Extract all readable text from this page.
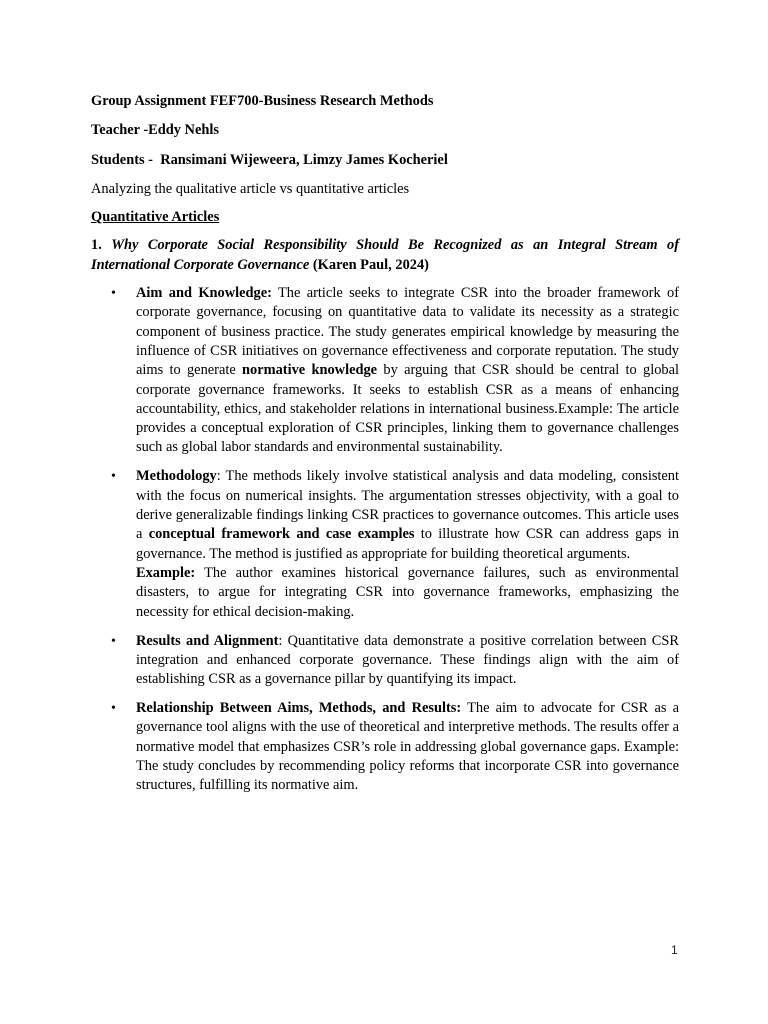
Group Assignment FEF700-Business Research Methods

Teacher -Eddy Nehls

Students -  Ransimani Wijeweera, Limzy James Kocheriel

Analyzing the qualitative article vs quantitative articles

Quantitative Articles

1. Why Corporate Social Responsibility Should Be Recognized as an Integral Stream of International Corporate Governance (Karen Paul, 2024)

• Aim and Knowledge: The article seeks to integrate CSR into the broader framework of corporate governance, focusing on quantitative data to validate its necessity as a strategic component of business practice. The study generates empirical knowledge by measuring the influence of CSR initiatives on governance effectiveness and corporate reputation. The study aims to generate normative knowledge by arguing that CSR should be central to global corporate governance frameworks. It seeks to establish CSR as a means of enhancing accountability, ethics, and stakeholder relations in international business.Example: The article provides a conceptual exploration of CSR principles, linking them to governance challenges such as global labor standards and environmental sustainability.
• Methodology: The methods likely involve statistical analysis and data modeling, consistent with the focus on numerical insights. The argumentation stresses objectivity, with a goal to derive generalizable findings linking CSR practices to governance outcomes. This article uses a conceptual framework and case examples to illustrate how CSR can address gaps in governance. The method is justified as appropriate for building theoretical arguments.
Example: The author examines historical governance failures, such as environmental disasters, to argue for integrating CSR into governance frameworks, emphasizing the necessity for ethical decision-making.
• Results and Alignment: Quantitative data demonstrate a positive correlation between CSR integration and enhanced corporate governance. These findings align with the aim of establishing CSR as a governance pillar by quantifying its impact.
• Relationship Between Aims, Methods, and Results: The aim to advocate for CSR as a governance tool aligns with the use of theoretical and interpretive methods. The results offer a normative model that emphasizes CSR’s role in addressing global governance gaps. Example: The study concludes by recommending policy reforms that incorporate CSR into governance structures, fulfilling its normative aim.
1
